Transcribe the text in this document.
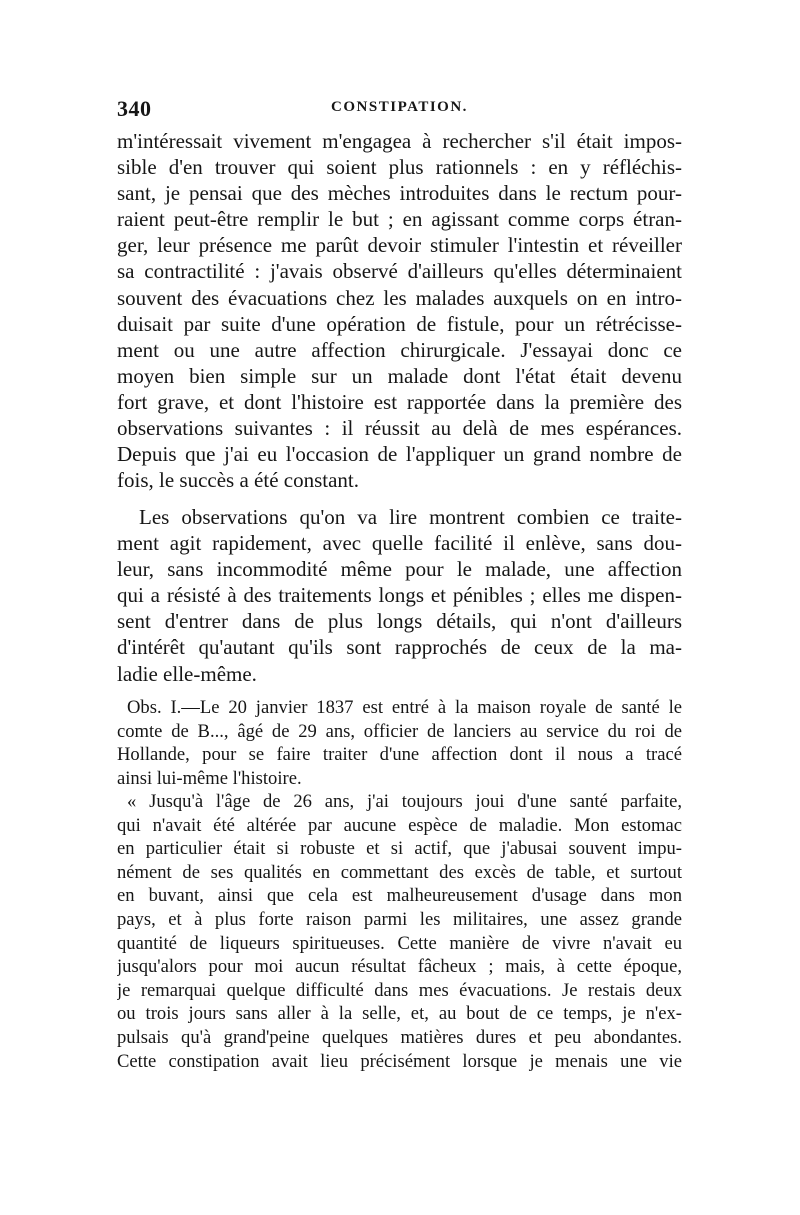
340	CONSTIPATION.
m'intéressait vivement m'engagea à rechercher s'il était impos-
sible d'en trouver qui soient plus rationnels : en y réfléchis-
sant, je pensai que des mèches introduites dans le rectum pour-
raient peut-être remplir le but ; en agissant comme corps étran-
ger, leur présence me parût devoir stimuler l'intestin et réveiller
sa contractilité : j'avais observé d'ailleurs qu'elles déterminaient
souvent des évacuations chez les malades auxquels on en intro-
duisait par suite d'une opération de fistule, pour un rétrécisse-
ment ou une autre affection chirurgicale. J'essayai donc ce
moyen bien simple sur un malade dont l'état était devenu
fort grave, et dont l'histoire est rapportée dans la première des
observations suivantes : il réussit au delà de mes espérances.
Depuis que j'ai eu l'occasion de l'appliquer un grand nombre de
fois, le succès a été constant.
Les observations qu'on va lire montrent combien ce traite-
ment agit rapidement, avec quelle facilité il enlève, sans dou-
leur, sans incommodité même pour le malade, une affection
qui a résisté à des traitements longs et pénibles ; elles me dispen-
sent d'entrer dans de plus longs détails, qui n'ont d'ailleurs
d'intérêt qu'autant qu'ils sont rapprochés de ceux de la ma-
ladie elle-même.
Obs. I.—Le 20 janvier 1837 est entré à la maison royale de santé le
comte de B..., âgé de 29 ans, officier de lanciers au service du roi de
Hollande, pour se faire traiter d'une affection dont il nous a tracé
ainsi lui-même l'histoire.
« Jusqu'à l'âge de 26 ans, j'ai toujours joui d'une santé parfaite,
qui n'avait été altérée par aucune espèce de maladie. Mon estomac
en particulier était si robuste et si actif, que j'abusai souvent impu-
nément de ses qualités en commettant des excès de table, et surtout
en buvant, ainsi que cela est malheureusement d'usage dans mon
pays, et à plus forte raison parmi les militaires, une assez grande
quantité de liqueurs spiritueuses. Cette manière de vivre n'avait eu
jusqu'alors pour moi aucun résultat fâcheux ; mais, à cette époque,
je remarquai quelque difficulté dans mes évacuations. Je restais deux
ou trois jours sans aller à la selle, et, au bout de ce temps, je n'ex-
pulsais qu'à grand'peine quelques matières dures et peu abondantes.
Cette constipation avait lieu précisément lorsque je menais une vie
